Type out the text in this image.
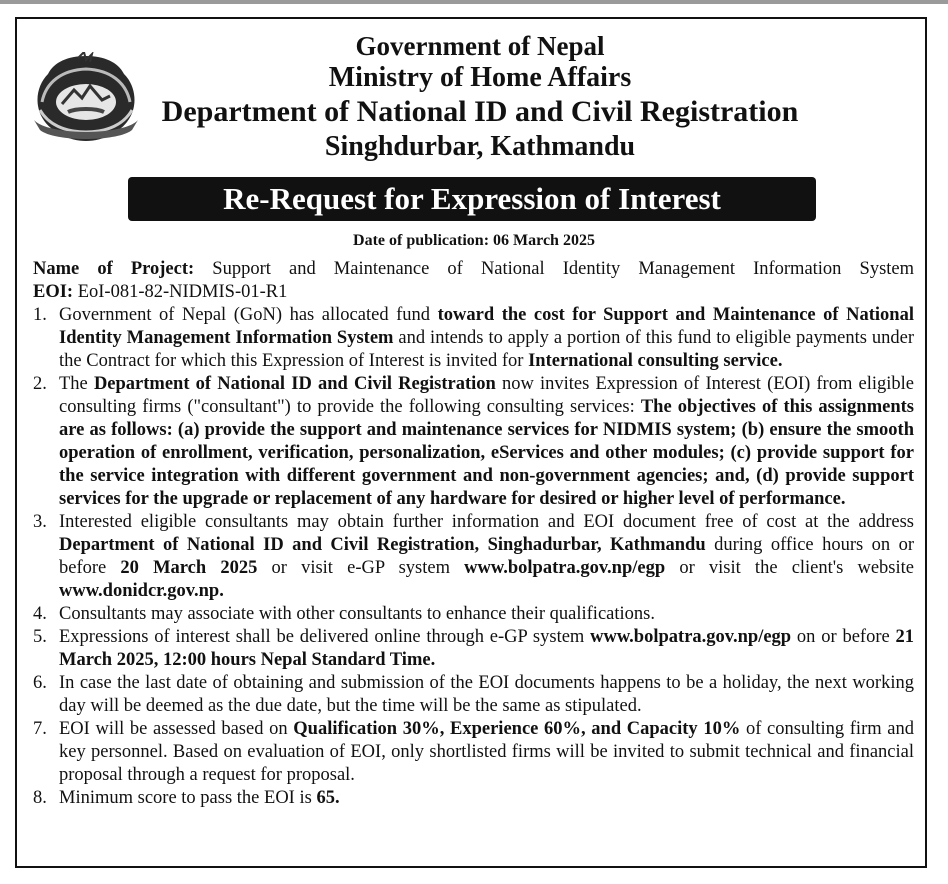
Government of Nepal
Ministry of Home Affairs
Department of National ID and Civil Registration
Singhdurbar, Kathmandu
Re-Request for Expression of Interest
Date of publication: 06 March 2025
Name of Project: Support and Maintenance of National Identity Management Information System
EOI: EoI-081-82-NIDMIS-01-R1
1. Government of Nepal (GoN) has allocated fund toward the cost for Support and Maintenance of National Identity Management Information System and intends to apply a portion of this fund to eligible payments under the Contract for which this Expression of Interest is invited for International consulting service.
2. The Department of National ID and Civil Registration now invites Expression of Interest (EOI) from eligible consulting firms ("consultant") to provide the following consulting services: The objectives of this assignments are as follows: (a) provide the support and maintenance services for NIDMIS system; (b) ensure the smooth operation of enrollment, verification, personalization, eServices and other modules; (c) provide support for the service integration with different government and non-government agencies; and, (d) provide support services for the upgrade or replacement of any hardware for desired or higher level of performance.
3. Interested eligible consultants may obtain further information and EOI document free of cost at the address Department of National ID and Civil Registration, Singhadurbar, Kathmandu during office hours on or before 20 March 2025 or visit e-GP system www.bolpatra.gov.np/egp or visit the client's website www.donidcr.gov.np.
4. Consultants may associate with other consultants to enhance their qualifications.
5. Expressions of interest shall be delivered online through e-GP system www.bolpatra.gov.np/egp on or before 21 March 2025, 12:00 hours Nepal Standard Time.
6. In case the last date of obtaining and submission of the EOI documents happens to be a holiday, the next working day will be deemed as the due date, but the time will be the same as stipulated.
7. EOI will be assessed based on Qualification 30%, Experience 60%, and Capacity 10% of consulting firm and key personnel. Based on evaluation of EOI, only shortlisted firms will be invited to submit technical and financial proposal through a request for proposal.
8. Minimum score to pass the EOI is 65.
